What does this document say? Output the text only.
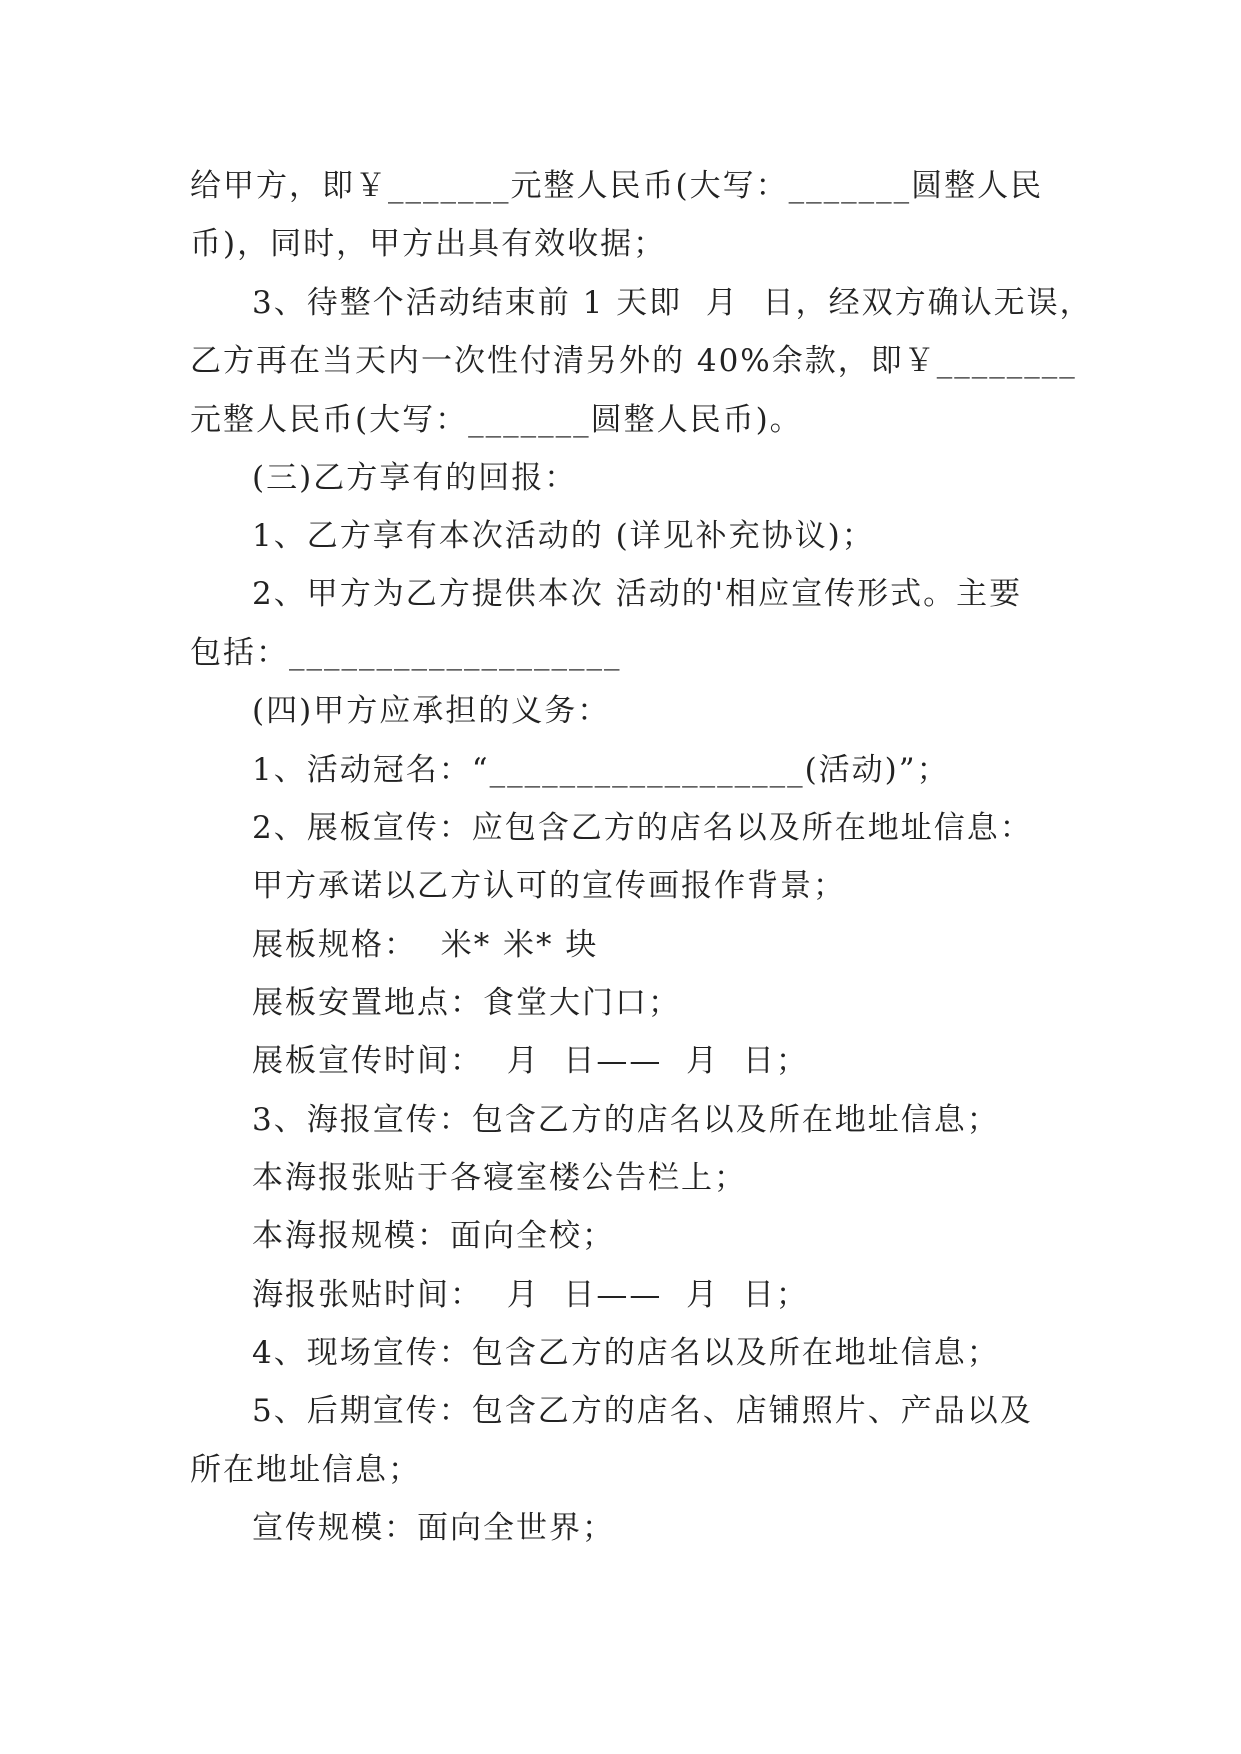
给甲方，即￥_______元整人民币(大写：_______圆整人民
币)，同时，甲方出具有效收据；
3、待整个活动结束前 1 天即  月  日，经双方确认无误，
乙方再在当天内一次性付清另外的 40%余款，即￥________
元整人民币(大写：_______圆整人民币)。
(三)乙方享有的回报：
1、乙方享有本次活动的 (详见补充协议)；
2、甲方为乙方提供本次 活动的'相应宣传形式。主要
包括：___________________
(四)甲方应承担的义务：
1、活动冠名：“__________________(活动)”；
2、展板宣传：应包含乙方的店名以及所在地址信息：
甲方承诺以乙方认可的宣传画报作背景；
展板规格：  米* 米* 块
展板安置地点：食堂大门口；
展板宣传时间：  月  日——  月  日；
3、海报宣传：包含乙方的店名以及所在地址信息；
本海报张贴于各寝室楼公告栏上；
本海报规模：面向全校；
海报张贴时间：  月  日——  月  日；
4、现场宣传：包含乙方的店名以及所在地址信息；
5、后期宣传：包含乙方的店名、店铺照片、产品以及
所在地址信息；
宣传规模：面向全世界；
